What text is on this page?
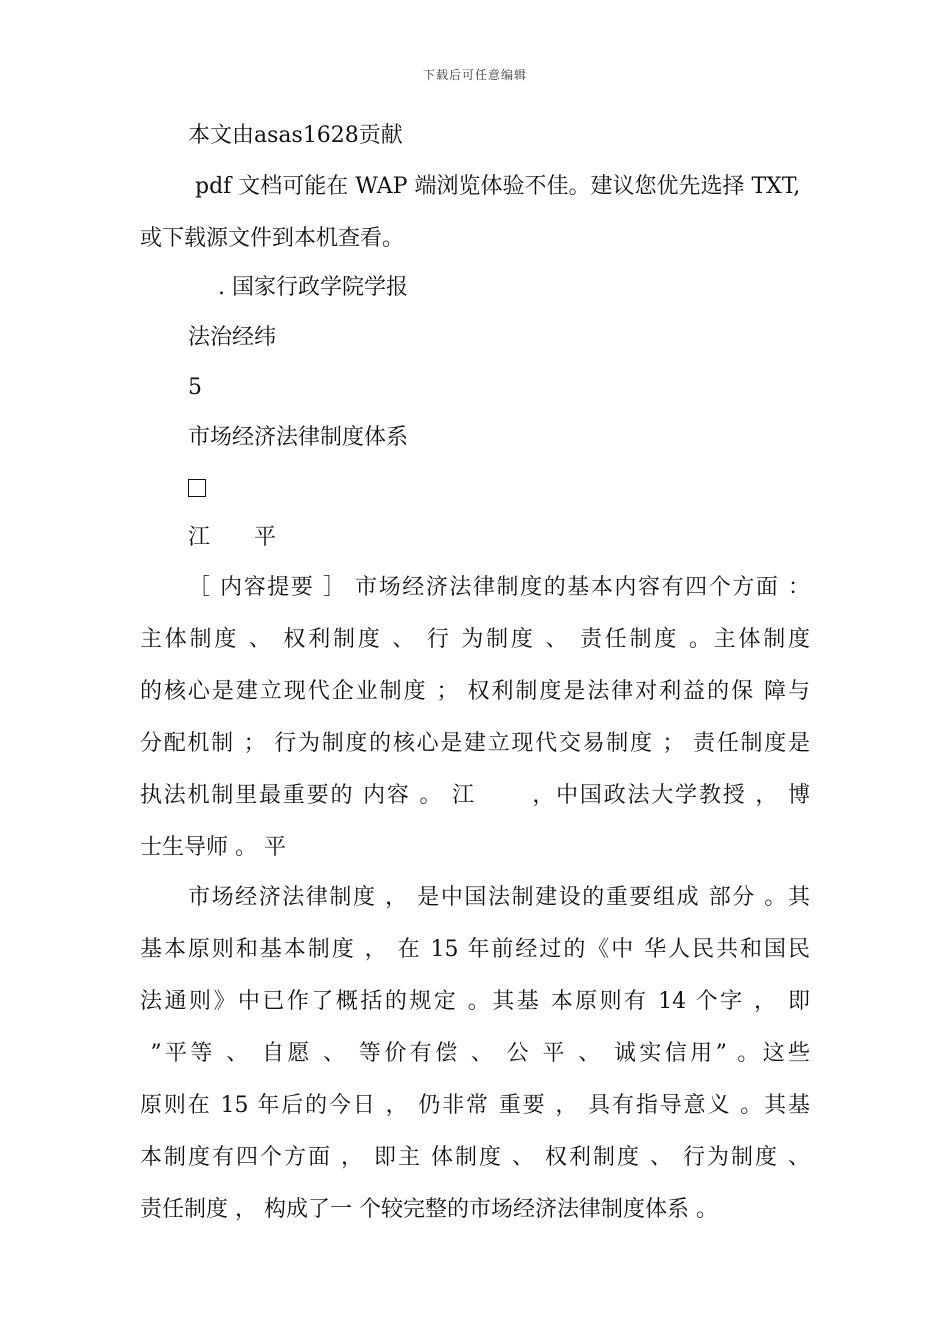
下载后可任意编辑
本文由asas1628贡献
pdf 文档可能在 WAP 端浏览体验不佳。建议您优先选择 TXT,
或下载源文件到本机查看。
. 国家行政学院学报
法治经纬
5
市场经济法律制度体系
江　　平
［ 内容提要 ］ 市场经济法律制度的基本内容有四个方面 ：
主体制度 、 权利制度 、 行 为制度 、 责任制度 。主体制度
的核心是建立现代企业制度 ； 权利制度是法律对利益的保 障与
分配机制 ； 行为制度的核心是建立现代交易制度 ； 责任制度是
执法机制里最重要的 内容 。 江　　 ，中国政法大学教授 ， 博
士生导师 。 平
市场经济法律制度 ， 是中国法制建设的重要组成 部分 。其
基本原则和基本制度 ， 在 15 年前经过的《中 华人民共和国民
法通则》中已作了概括的规定 。其基 本原则有 14 个字 ， 即
”平等 、 自愿 、 等价有偿 、 公 平 、 诚实信用” 。这些
原则在 15 年后的今日 ， 仍非常 重要 ， 具有指导意义 。其基
本制度有四个方面 ， 即主 体制度 、 权利制度 、 行为制度 、
责任制度 ， 构成了一 个较完整的市场经济法律制度体系 。
